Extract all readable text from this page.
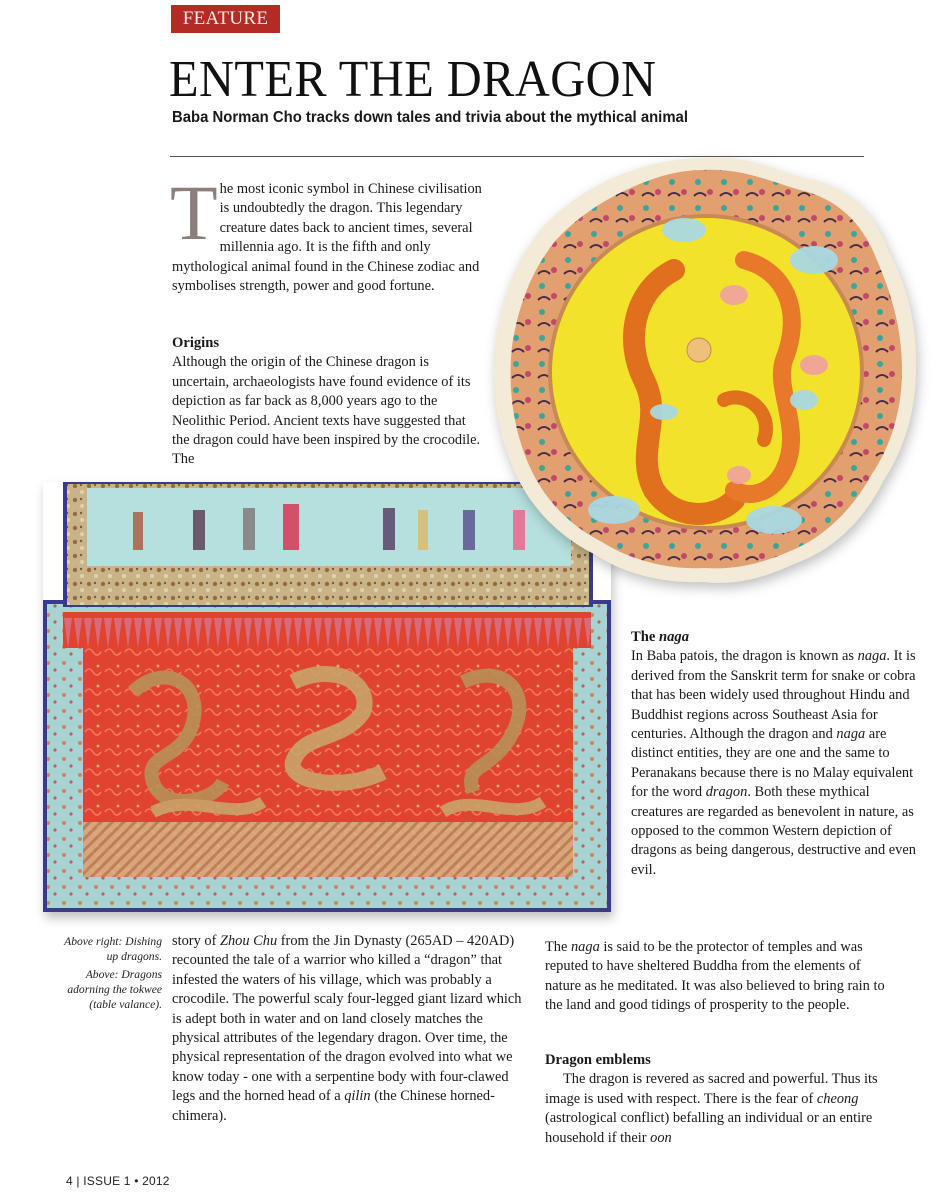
FEATURE
ENTER THE DRAGON
Baba Norman Cho tracks down tales and trivia about the mythical animal
T he most iconic symbol in Chinese civilisation is undoubtedly the dragon. This legendary creature dates back to ancient times, several millennia ago. It is the fifth and only mythological animal found in the Chinese zodiac and symbolises strength, power and good fortune.

Origins

Although the origin of the Chinese dragon is uncertain, archaeologists have found evidence of its depiction as far back as 8,000 years ago to the Neolithic Period. Ancient texts have suggested that the dragon could have been inspired by the crocodile. The

Above right: Dishing up dragons.

Above: Dragons adorning the tokwee (table valance).

story of Zhou Chu from the Jin Dynasty (265AD – 420AD) recounted the tale of a warrior who killed a “dragon” that infested the waters of his village, which was probably a crocodile. The powerful scaly four-legged giant lizard which is adept both in water and on land closely matches the physical attributes of the legendary dragon. Over time, the physical representation of the dragon evolved into what we know today - one with a serpentine body with four-clawed legs and the horned head of a qilin (the Chinese horned-chimera).

The naga

In Baba patois, the dragon is known as naga. It is derived from the Sanskrit term for snake or cobra that has been widely used throughout Hindu and Buddhist regions across Southeast Asia for centuries. Although the dragon and naga are distinct entities, they are one and the same to Peranakans because there is no Malay equivalent for the word dragon. Both these mythical creatures are regarded as benevolent in nature, as opposed to the common Western depiction of dragons as being dangerous, destructive and even evil.

The naga is said to be the protector of temples and was reputed to have sheltered Buddha from the elements of nature as he meditated. It was also believed to bring rain to the land and good tidings of prosperity to the people.

Dragon emblems

The dragon is revered as sacred and powerful. Thus its image is used with respect. There is the fear of cheong (astrological conflict) befalling an individual or an entire household if their oon

4 | ISSUE 1 • 2012
